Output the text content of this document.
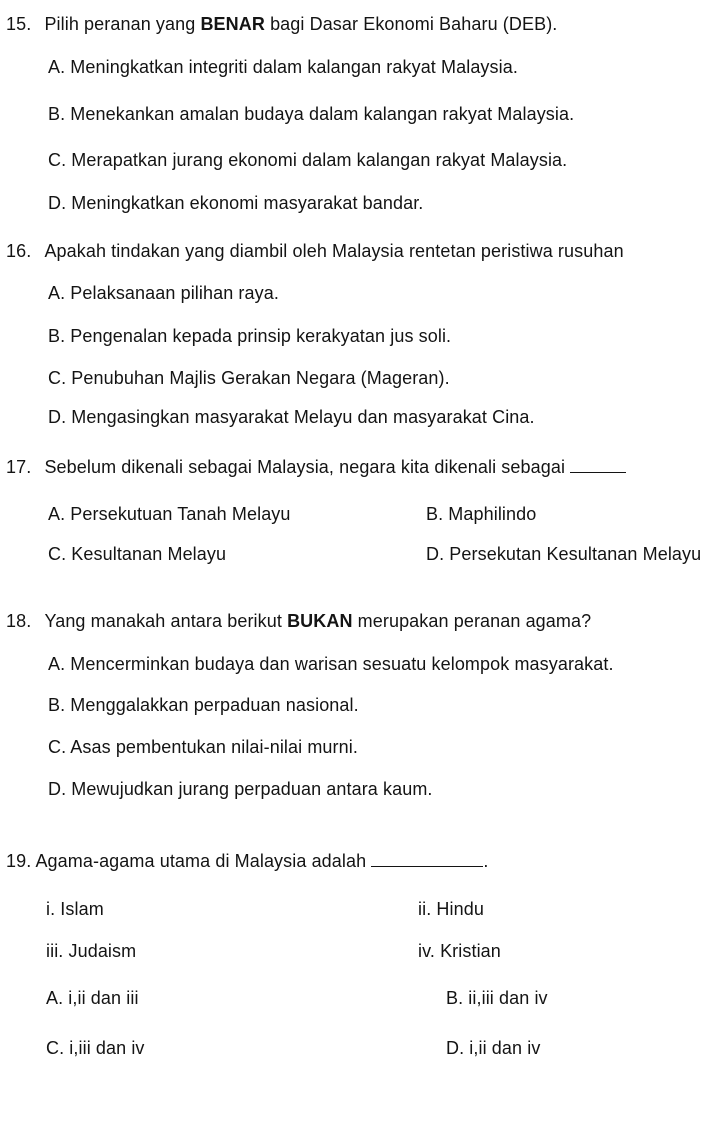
15. Pilih peranan yang BENAR bagi Dasar Ekonomi Baharu (DEB).
A. Meningkatkan integriti dalam kalangan rakyat Malaysia.
B. Menekankan amalan budaya dalam kalangan rakyat Malaysia.
C. Merapatkan jurang ekonomi dalam kalangan rakyat Malaysia.
D. Meningkatkan ekonomi masyarakat bandar.
16. Apakah tindakan yang diambil oleh Malaysia rentetan peristiwa rusuhan
A. Pelaksanaan pilihan raya.
B. Pengenalan kepada prinsip kerakyatan jus soli.
C. Penubuhan Majlis Gerakan Negara (Mageran).
D. Mengasingkan masyarakat Melayu dan masyarakat Cina.
17. Sebelum dikenali sebagai Malaysia, negara kita dikenali sebagai
A. Persekutuan Tanah Melayu	B. Maphilindo
C. Kesultanan Melayu	D. Persekutan Kesultanan Melayu
18. Yang manakah antara berikut BUKAN merupakan peranan agama?
A. Mencerminkan budaya dan warisan sesuatu kelompok masyarakat.
B. Menggalakkan perpaduan nasional.
C. Asas pembentukan nilai-nilai murni.
D. Mewujudkan jurang perpaduan antara kaum.
19. Agama-agama utama di Malaysia adalah	.
i. Islam	ii. Hindu
iii. Judaism	iv. Kristian
A. i,ii dan iii	B. ii,iii dan iv
C. i,iii dan iv	D. i,ii dan iv
